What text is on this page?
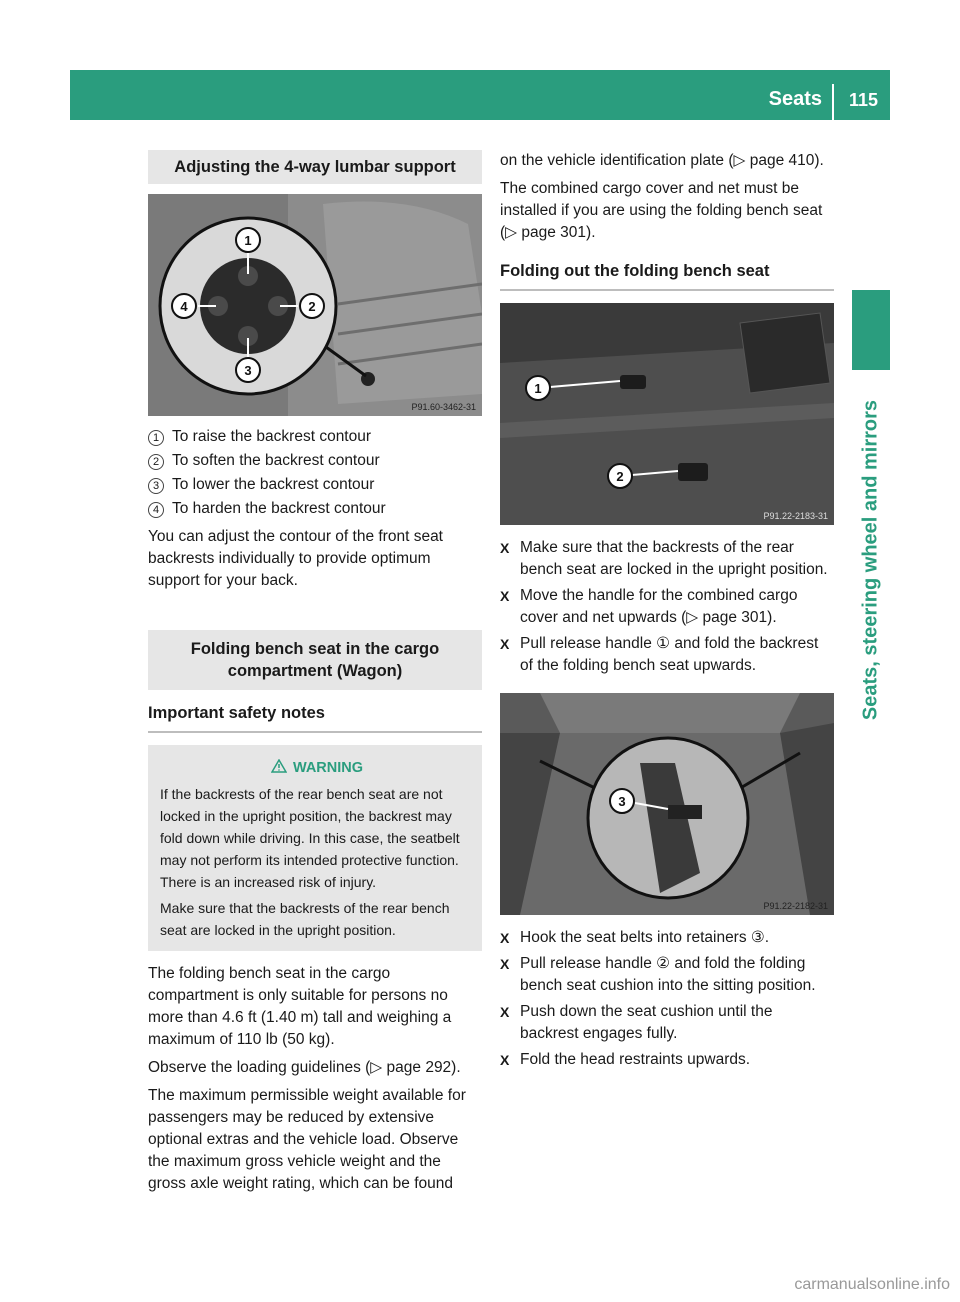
Seats 115
Seats, steering wheel and mirrors
Adjusting the 4-way lumbar support
1
2
3
4
P91.60-3462-31
1 To raise the backrest contour
2 To soften the backrest contour
3 To lower the backrest contour
4 To harden the backrest contour

You can adjust the contour of the front seat backrests individually to provide optimum support for your back.

Folding bench seat in the cargo compartment (Wagon)
Important safety notes
WARNING

If the backrests of the rear bench seat are not locked in the upright position, the backrest may fold down while driving. In this case, the seatbelt may not perform its intended protective function. There is an increased risk of injury.

Make sure that the backrests of the rear bench seat are locked in the upright position.

The folding bench seat in the cargo compartment is only suitable for persons no more than 4.6 ft (1.40 m) tall and weighing a maximum of 110 lb (50 kg).

Observe the loading guidelines (▷ page 292).

The maximum permissible weight available for passengers may be reduced by extensive optional extras and the vehicle load. Observe the maximum gross vehicle weight and the gross axle weight rating, which can be found

on the vehicle identification plate (▷ page 410).

The combined cargo cover and net must be installed if you are using the folding bench seat (▷ page 301).

Folding out the folding bench seat
1
2
P91.22-2183-31
X Make sure that the backrests of the rear bench seat are locked in the upright position.
X Move the handle for the combined cargo cover and net upwards (▷ page 301).
X Pull release handle ① and fold the backrest of the folding bench seat upwards.
3
P91.22-2182-31
X Hook the seat belts into retainers ③.
X Pull release handle ② and fold the folding bench seat cushion into the sitting position.
X Push down the seat cushion until the backrest engages fully.
X Fold the head restraints upwards.
carmanualsonline.info
